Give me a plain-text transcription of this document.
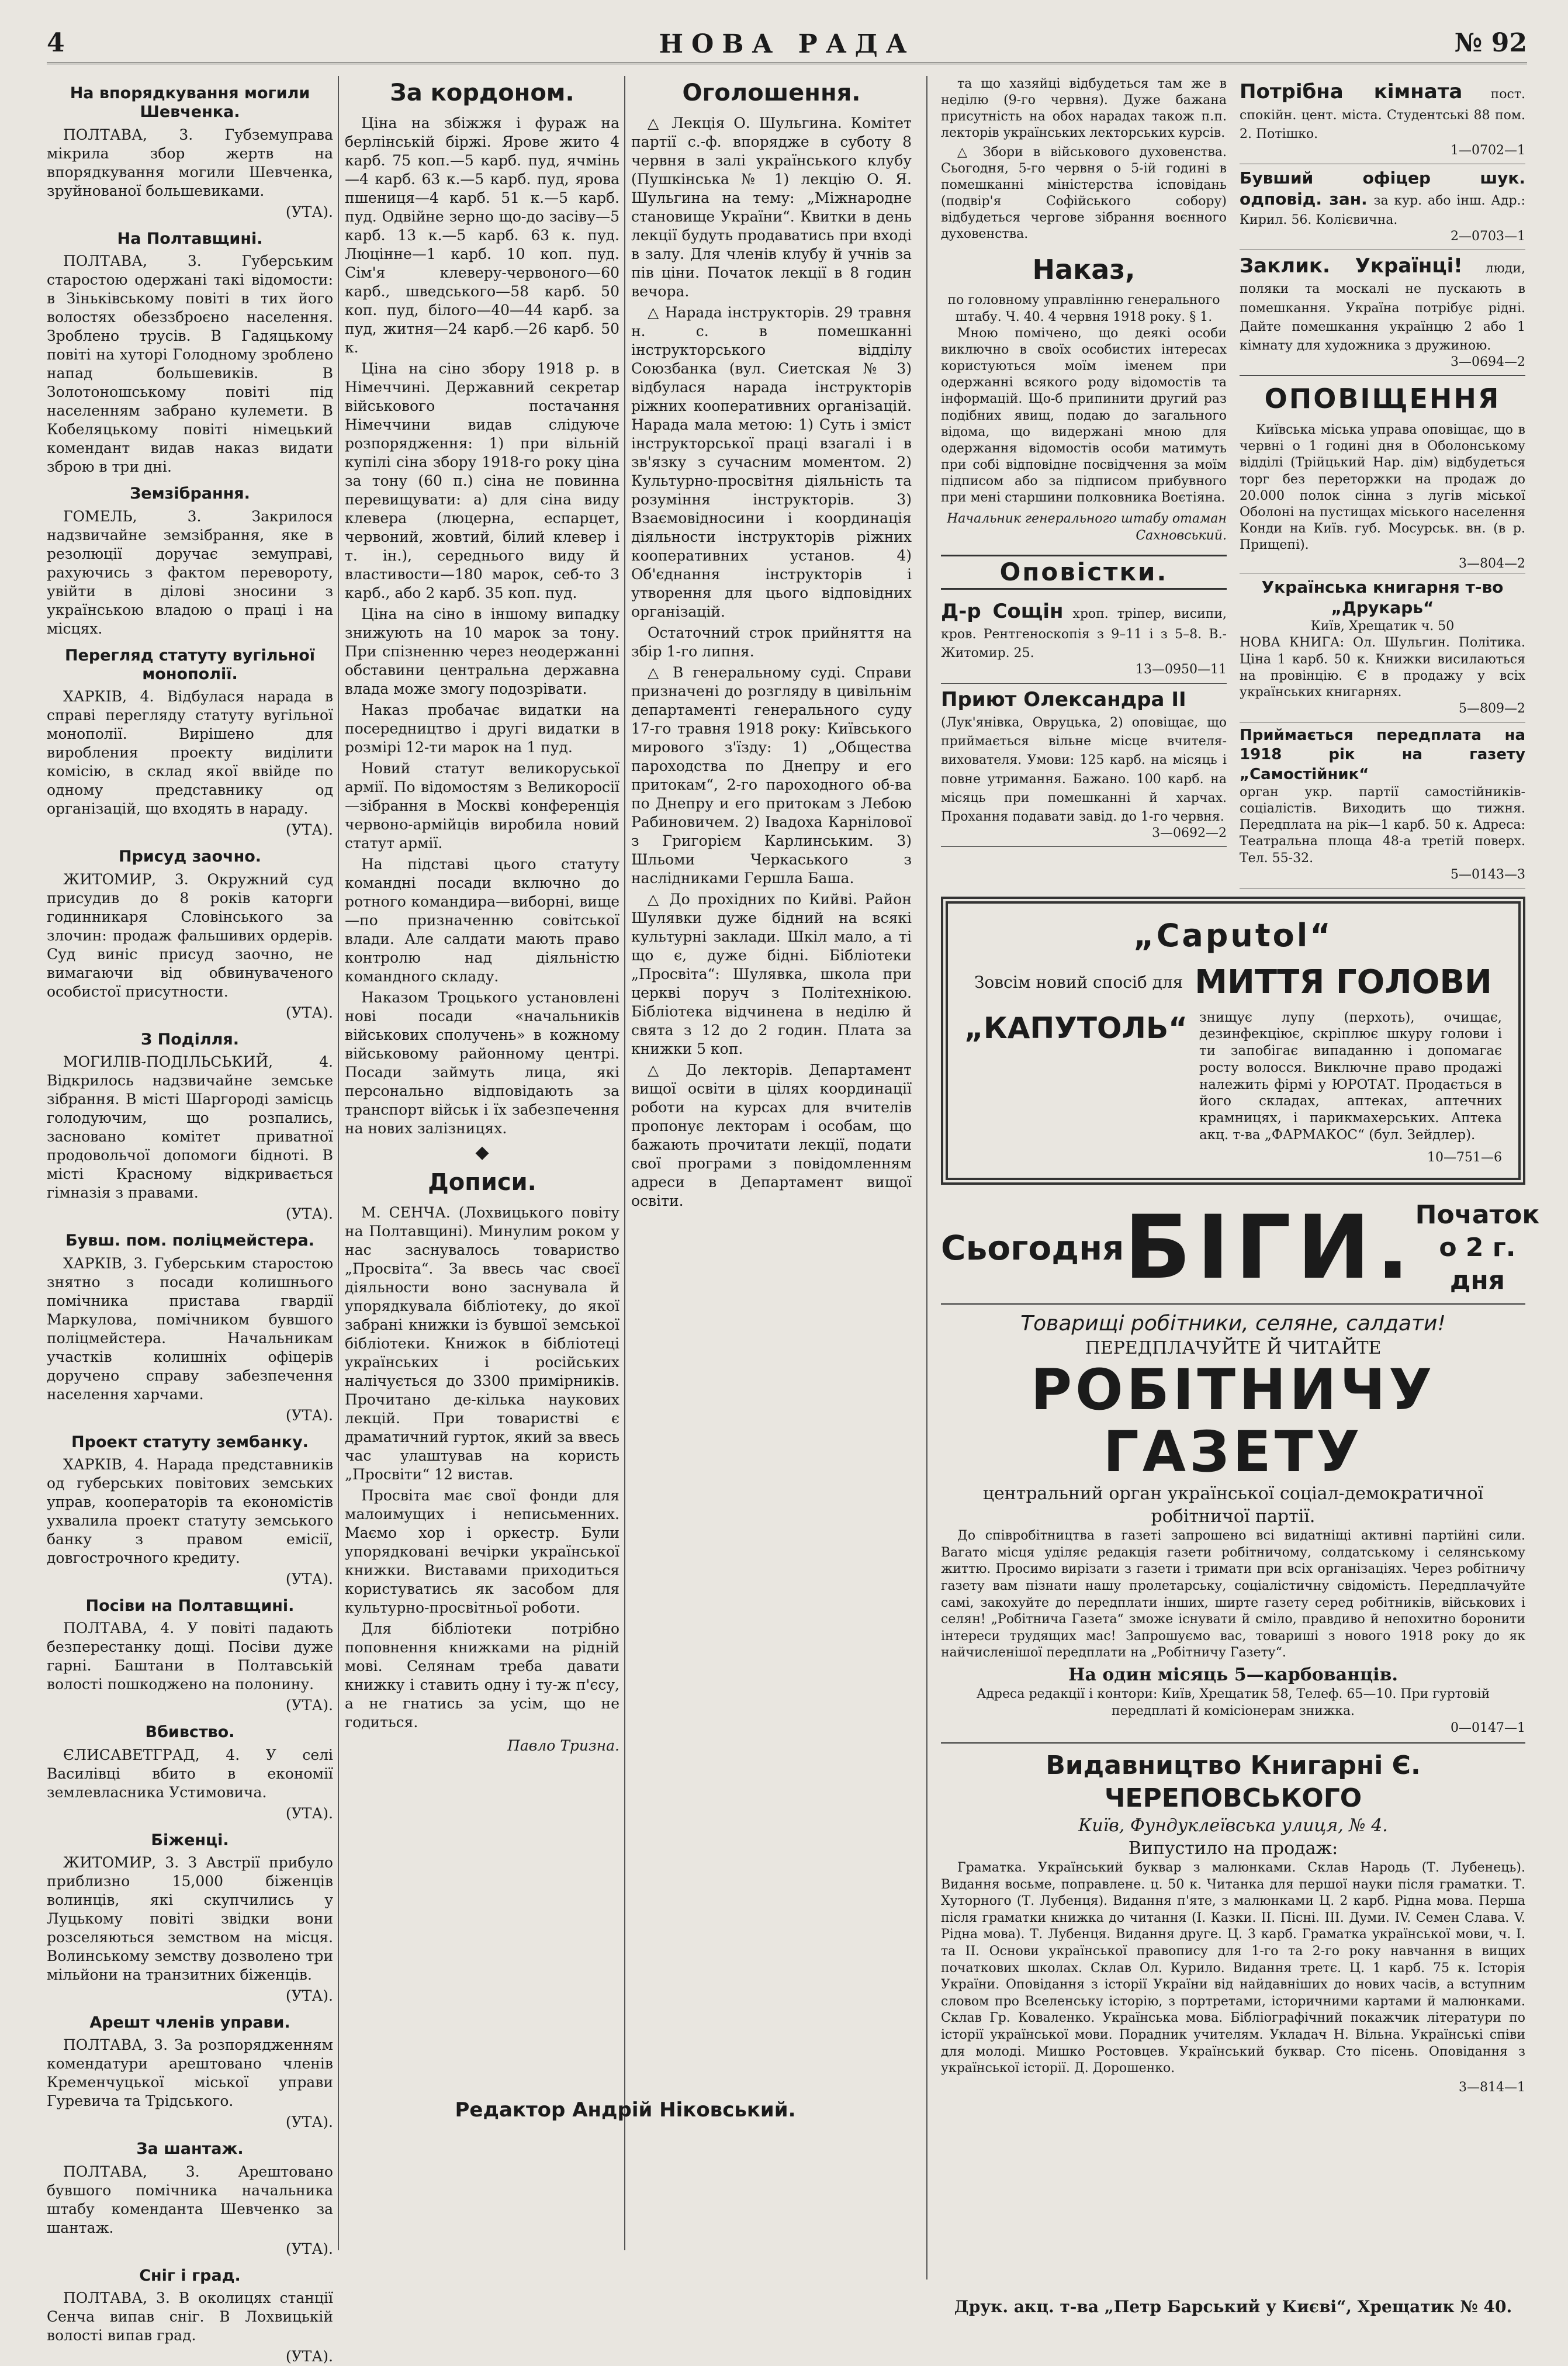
4	НОВА РАДА	№ 92
На впорядкування могили Шевченка.

ПОЛТАВА, 3. Губземуправа мікрила збор жертв на впорядкування могили Шевченка, зруйнованої большевиками.

(УТА).
На Полтавщині.

ПОЛТАВА, 3. Губерським старостою одержані такі відомости: в Зіньківському повіті в тих його волостях обеззброєно населення. Зроблено трусів. В Гадяцькому повіті на хуторі Голодному зроблено напад большевиків. В Золотоношському повіті під населенням забрано кулемети. В Кобеляцькому повіті німецький комендант видав наказ видати зброю в три дні.

Земзібрання.

ГОМЕЛЬ, 3. Закрилося надзвичайне земзібрання, яке в резолюції доручає земуправі, рахуючись з фактом перевороту, увійти в ділові зносини з українською владою о праці і на місцях.

Перегляд статуту вугільної монополії.

ХАРКІВ, 4. Відбулася нарада в справі перегляду статуту вугільної монополії. Вирішено для виробления проекту виділити комісію, в склад якої ввійде по одному представнику од організацій, що входять в нараду.

(УТА).
Присуд заочно.

ЖИТОМИР, 3. Окружний суд присудив до 8 років каторги годинникаря Словінського за злочин: продаж фальшивих ордерів. Суд виніс присуд заочно, не вимагаючи від обвинуваченого особистої присутности.

(УТА).
З Поділля.

МОГИЛІВ-ПОДІЛЬСЬКИЙ, 4. Відкрилось надзвичайне земське зібрання. В місті Шаргороді замісць голодуючим, що розпались, засновано комітет приватної продовольчої допомоги бідноті. В місті Красному відкривається гімназія з правами.

(УТА).
Бувш. пом. поліцмейстера.

ХАРКІВ, 3. Губерським старостою знятно з посади колишнього помічника пристава гвардії Маркулова, помічником бувшого поліцмейстера. Начальникам участків колишніх офіцерів доручено справу забезпечення населення харчами.

(УТА).
Проект статуту зембанку.

ХАРКІВ, 4. Нарада представників од губерських повітових земських управ, кооператорів та економістів ухвалила проект статуту земського банку з правом емісії, довгострочного кредиту.

(УТА).
Посіви на Полтавщині.

ПОЛТАВА, 4. У повіті падають безперестанку дощі. Посіви дуже гарні. Баштани в Полтавській волості пошкоджено на полонину.

(УТА).
Вбивство.

ЄЛИСАВЕТГРАД, 4. У селі Василівці вбито в економії землевласника Устимовича.

(УТА).
Біженці.

ЖИТОМИР, 3. З Австрії прибуло приблизно 15,000 біженців волинців, які скупчились у Луцькому повіті звідки вони розселяються земством на місця. Волинському земству дозволено три мільйони на транзитних біженців.

(УТА).
Арешт членів управи.

ПОЛТАВА, 3. За розпорядженням комендатури арештовано членів Кременчуцької міської управи Гуревича та Трідського.

(УТА).
За шантаж.

ПОЛТАВА, 3. Арештовано бувшого помічника начальника штабу коменданта Шевченко за шантаж.

(УТА).
Сніг і град.

ПОЛТАВА, 3. В околицях станції Сенча випав сніг. В Лохвицькій волості випав град.

(УТА).
За кордоном.

Ціна на збіжжя і фураж на берлінській біржі. Ярове жито 4 карб. 75 коп.—5 карб. пуд, ячмінь—4 карб. 63 к.—5 карб. пуд, ярова пшениця—4 карб. 51 к.—5 карб. пуд. Одвійне зерно що-до засіву—5 карб. 13 к.—5 карб. 63 к. пуд. Люцінне—1 карб. 10 коп. пуд. Сім'я клеверу-червоного—60 карб., шведського—58 карб. 50 коп. пуд, білого—40—44 карб. за пуд, житня—24 карб.—26 карб. 50 к.

Ціна на сіно збору 1918 р. в Німеччині. Державний секретар військового постачання Німеччини видав слідуюче розпорядження: 1) при вільній купілі сіна збору 1918-го року ціна за тону (60 п.) сіна не повинна перевищувати: а) для сіна виду клевера (люцерна, еспарцет, червоний, жовтий, білий клевер і т. ін.), середнього виду й властивости—180 марок, себ-то 3 карб., або 2 карб. 35 коп. пуд.

Ціна на сіно в іншому випадку знижують на 10 марок за тону. При спізненню через неодержанні обставини центральна державна влада може змогу подозрівати.

Наказ пробачає видатки на посередництво і другі видатки в розмірі 12-ти марок на 1 пуд.

Новий статут великоруської армії. По відомостям з Великоросії—зібрання в Москві конференція червоно-армійців виробила новий статут армії.

На підставі цього статуту командні посади включно до ротного командира—виборні, вище—по призначенню совітської влади. Але салдати мають право контролю над діяльністю командного складу.

Наказом Троцького установлені нові посади «начальників військових сполучень» в кожному військовому районному центрі. Посади займуть лица, які персонально відповідають за транспорт військ і їх забезпечення на нових залізницях.

◆
Дописи.

М. СЕНЧА. (Лохвицького повіту на Полтавщині). Минулим роком у нас заснувалось товариство „Просвіта“. За ввесь час своєї діяльности воно заснувала й упорядкувала бібліотеку, до якої забрані книжки із бувшої земської бібліотеки. Книжок в бібліотеці українських і російських налічується до 3300 примірників. Прочитано де-кілька наукових лекцій. При товаристві є драматичний гурток, який за ввесь час улаштував на користь „Просвіти“ 12 вистав.

Просвіта має свої фонди для малоимущих і неписьменних. Маємо хор і оркестр. Були упорядковані вечірки української книжки. Виставами приходиться користуватись як засобом для культурно-просвітньої роботи.

Для бібліотеки потрібно поповнення книжками на рідній мові. Селянам треба давати книжку і ставить одну і ту-ж п'єсу, а не гнатись за усім, що не годиться.

Павло Тризна.
Редактор Андрій Ніковський.
Оголошення.

△ Лекція О. Шульгина. Комітет партії с.-ф. впорядже в суботу 8 червня в залі українського клубу (Пушкінська № 1) лекцію О. Я. Шульгина на тему: „Міжнародне становище України“. Квитки в день лекції будуть продаватись при вході в залу. Для членів клубу й учнів за пів ціни. Початок лекції в 8 годин вечора.

△ Нарада інструкторів. 29 травня н. с. в помешканні інструкторського відділу Союзбанка (вул. Сиетская № 3) відбулася нарада інструкторів ріжних кооперативних організацій. Нарада мала метою: 1) Суть і зміст інструкторської праці взагалі і в зв'язку з сучасним моментом. 2) Культурно-просвітня діяльність та розуміння інструкторів. 3) Взаємовідносини і координація діяльности інструкторів ріжних кооперативних установ. 4) Об'єднання інструкторів і утворення для цього відповідних організацій.

Остаточний строк прийняття на збір 1-го липня.

△ В генеральному суді. Справи призначені до розгляду в цивільнім департаменті генерального суду 17-го травня 1918 року: Київського мирового з'їзду: 1) „Общества пароходства по Днепру и его притокам“, 2-го пароходного об-ва по Днепру и его притокам з Лебою Рабиновичем. 2) Івадоха Карнілової з Григорієм Карлинським. 3) Шльоми Черкаського з наслідниками Гершла Баша.

△ До прохідних по Кийві. Район Шулявки дуже бідний на всякі культурні заклади. Шкіл мало, а ті що є, дуже бідні. Бібліотеки „Просвіта“: Шулявка, школа при церкві поруч з Політехнікою. Бібліотека відчинена в неділю й свята з 12 до 2 годин. Плата за книжки 5 коп.

△ До лекторів. Департамент вищої освіти в цілях координації роботи на курсах для вчителів пропонує лекторам і особам, що бажають прочитати лекції, подати свої програми з повідомленням адреси в Департамент вищої освіти.

та що хазяйці відбудеться там же в неділю (9-го червня). Дуже бажана присутність на обох нарадах також п.п. лекторів українських лекторських курсів.

△ Збори в військового духовенства. Сьогодня, 5-го червня о 5-ій годині в помешканні міністерства ісповідань (подвір'я Софійського собору) відбудеться чергове зібрання воєнного духовенства.

Наказ,
по головному управлінню генерального штабу. Ч. 40. 4 червня 1918 року. § 1.

Мною помічено, що деякі особи виключно в своїх особистих інтересах користуються моїм іменем при одержанні всякого роду відомостів та інформацій. Що-б припинити другий раз подібних явищ, подаю до загального відома, що видержані мною для одержання відомостів особи матимуть при собі відповідне посвідчення за моїм підписом або за підписом прибувного при мені старшини полковника Воєтіяна.

Начальник генерального штабу отаман Сахновський.
Оповістки.
Д-р Сощін хроп. тріпер, висипи, кров. Рентгеноскопія з 9–11 і з 5–8. В.-Житомир. 25.
13—0950—11
Приют Олександра II
(Лук'янівка, Овруцька, 2) оповіщає, що приймається вільне місце вчителя-вихователя. Умови: 125 карб. на місяць і повне утримання. Бажано. 100 карб. на місяць при помешканні й харчах. Прохання подавати завід. до 1-го червня.
3—0692—2
Потрібна кімната пост. спокійн. цент. міста. Студентські 88 пом. 2. Потішко.
1—0702—1
Бувший офіцер шук. одповід. зан. за кур. або інш. Адр.: Кирил. 56. Колієвична.
2—0703—1
Заклик. Українці! люди, поляки та москалі не пускають в помешкання. Україна потрібує рідні. Дайте помешкання українцю 2 або 1 кімнату для художника з дружиною.
3—0694—2
ОПОВІЩЕННЯ

Київська міська управа оповіщає, що в червні о 1 годині дня в Оболонському відділі (Трійцький Нар. дім) відбудеться торг без переторжки на продаж до 20.000 полок сінна з лугів міської Оболоні на пустищах міського населення Конди на Київ. губ. Мосурськ. вн. (в р. Прищепі).

3—804—2
Українська книгарня т-во „Друкарь“
Київ, Хрещатик ч. 50
НОВА КНИГА: Ол. Шульгин. Політика. Ціна 1 карб. 50 к. Книжки висилаються на провінцію. Є в продажу у всіх українських книгарнях.
5—809—2
Приймається передплата на 1918 рік на газету „Самостійник“
орган укр. партії самостійників-соціалістів. Виходить що тижня. Передплата на рік—1 карб. 50 к. Адреса: Театральна площа 48-а третій поверх. Тел. 55-32.
5—0143—3
„Caputol“
Зовсім новий спосіб для МИТТЯ ГОЛОВИ
„КАПУТОЛЬ“ знищує лупу (перхоть), очищає, дезинфекціює, скріплює шкуру голови і ти запобігає випаданню і допомагає росту волосся. Виключне право продажі належить фірмі у ЮРОТАТ. Продається в його складах, аптеках, аптечних крамницях, і парикмахерських. Аптека акц. т-ва „ФАРМАКОС“ (бул. Зейдлер).
10—751—6
Сьогодня БІГИ. Початок о 2 г. дня
Товарищі робітники, селяне, салдати!
ПЕРЕДПЛАЧУЙТЕ Й ЧИТАЙТЕ
РОБІТНИЧУ ГАЗЕТУ
центральний орган української соціал-демократичної робітничої партії.

До співробітництва в газеті запрошено всі видатніщі активні партійні сили. Вагато місця уділяє редакція газети робітничому, солдатському і селянському життю. Просимо вирізати з газети і тримати при всіх організаціях. Через робітничу газету вам пізнати нашу пролетарську, соціалістичну свідомість. Передплачуйте самі, закохуйте до передплати інших, ширте газету серед робітників, військових і селян! „Робітнича Газета“ зможе існувати й сміло, правдиво й непохитно боронити інтереси трудящих мас! Запрошуємо вас, товариші з нового 1918 року до як найчисленішої передплати на „Робітничу Газету“.

На один місяць 5—карбованців.
Адреса редакції і контори: Київ, Хрещатик 58, Телеф. 65—10. При гуртовій передплаті й комісіонерам знижка.
0—0147—1
Видавництво Книгарні Є. ЧЕРЕПОВСЬКОГО
Київ, Фундуклеївська улиця, № 4.
Випустило на продаж:

Граматка. Український буквар з малюнками. Склав Народь (Т. Лубенець). Видання восьме, поправлене. ц. 50 к. Читанка для першої науки після граматки. Т. Хуторного (Т. Лубенця). Видання п'яте, з малюнками Ц. 2 карб. Рідна мова. Перша після граматки книжка до читання (І. Казки. II. Пісні. III. Думи. IV. Семен Слава. V. Рідна мова). Т. Лубенця. Видання друге. Ц. 3 карб. Граматка української мови, ч. І. та II. Основи української правопису для 1-го та 2-го року навчання в вищих початкових школах. Склав Ол. Курило. Видання третє. Ц. 1 карб. 75 к. Історія України. Оповідання з історії України від найдавніших до нових часів, а вступним словом про Вселенську історію, з портретами, історичними картами й малюнками. Склав Гр. Коваленко. Українська мова. Бібліографічний покажчик літератури по історії української мови. Порадник учителям. Укладач Н. Вільна. Українські співи для молоді. Мишко Ростовцев. Український буквар. Сто пісень. Оповідання з української історії. Д. Дорошенко.

3—814—1
Друк. акц. т-ва „Петр Барський у Києві“, Хрещатик № 40.
